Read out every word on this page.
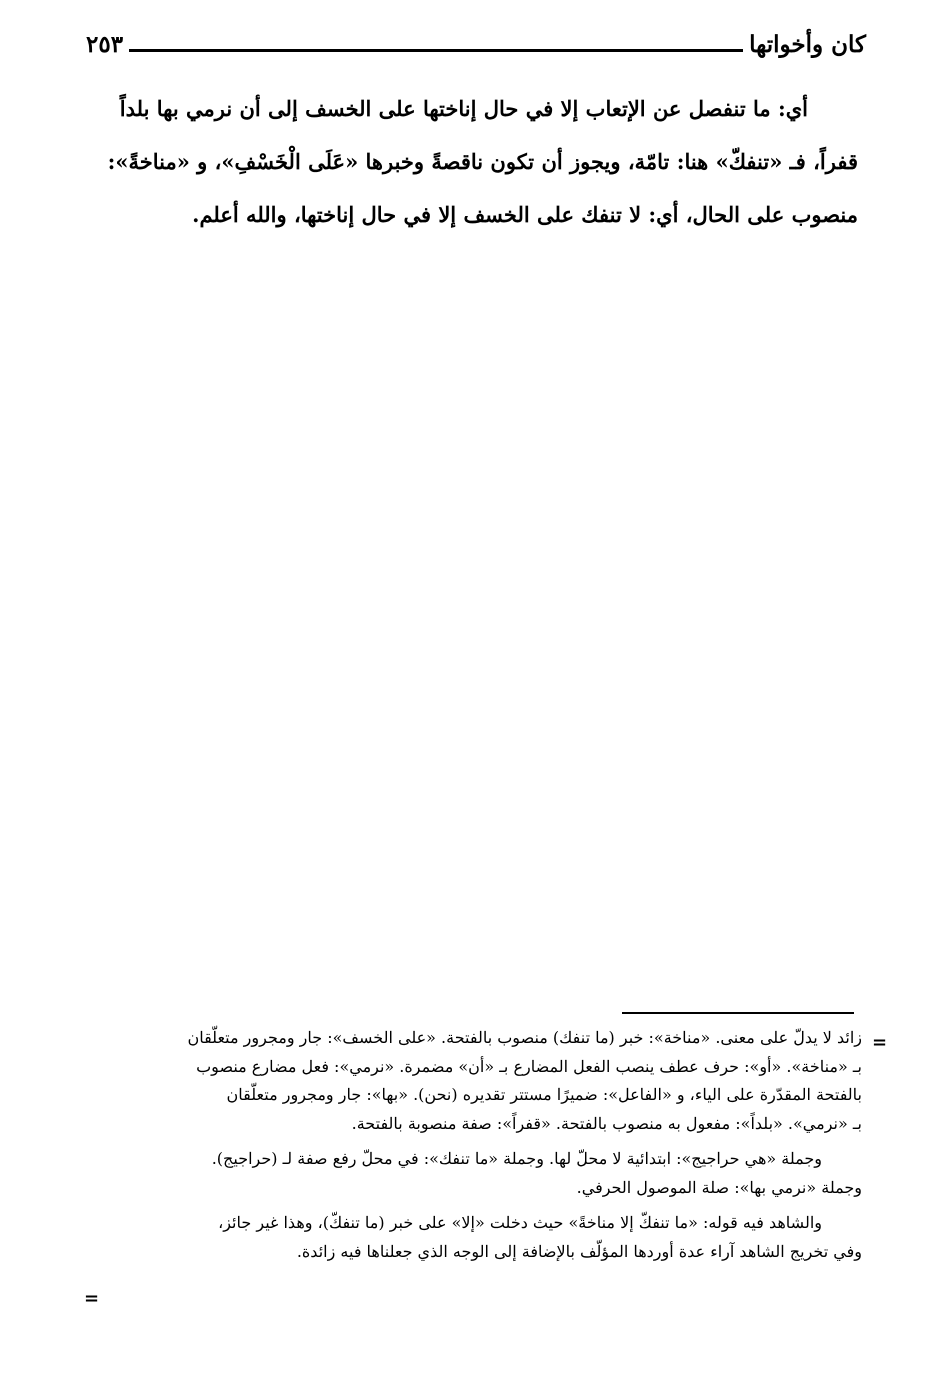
كان وأخواتها
٢٥٣
أي: ما تنفصل عن الإتعاب إلا في حال إناختها على الخسف إلى أن نرمي بها بلداً
قفراً، فـ «تنفكّ» هنا: تامّة، ويجوز أن تكون ناقصةً وخبرها «عَلَى الْخَسْفِ»، و «مناخةً»:
منصوب على الحال، أي: لا تنفك على الخسف إلا في حال إناختها، والله أعلم.
=

زائد لا يدلّ على معنى. «مناخة»: خبر (ما تنفك) منصوب بالفتحة. «على الخسف»: جار ومجرور متعلّقان
بـ «مناخة». «أو»: حرف عطف ينصب الفعل المضارع بـ «أن» مضمرة. «نرمي»: فعل مضارع منصوب
بالفتحة المقدّرة على الياء، و «الفاعل»: ضميرًا مستتر تقديره (نحن). «بها»: جار ومجرور متعلّقان
بـ «نرمي». «بلداً»: مفعول به منصوب بالفتحة. «قفراً»: صفة منصوبة بالفتحة.

وجملة «هي حراجيج»: ابتدائية لا محلّ لها. وجملة «ما تنفك»: في محلّ رفع صفة لـ (حراجيج).
وجملة «نرمي بها»: صلة الموصول الحرفي.

والشاهد فيه قوله: «ما تنفكّ إلا مناخةً» حيث دخلت «إلا» على خبر (ما تنفكّ)، وهذا غير جائز،
وفي تخريج الشاهد آراء عدة أوردها المؤلّف بالإضافة إلى الوجه الذي جعلناها فيه زائدة.

=
